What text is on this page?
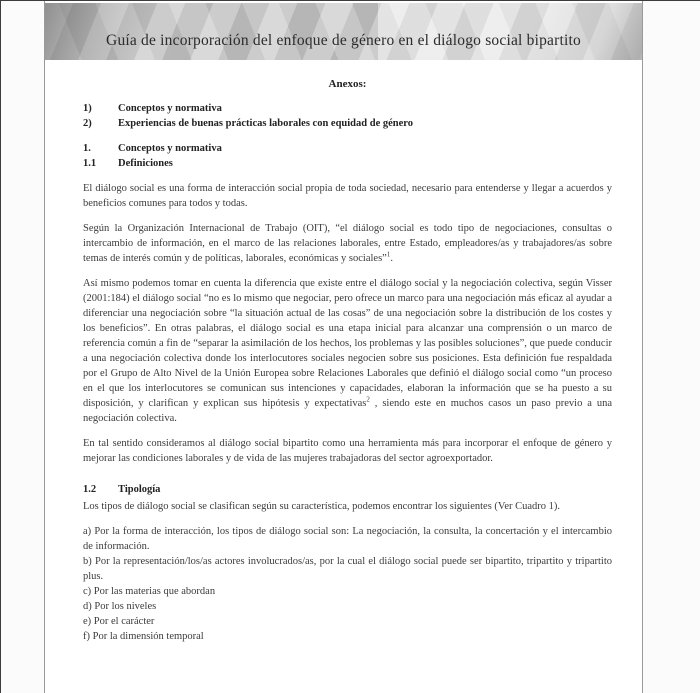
Guía de incorporación del enfoque de género en el diálogo social bipartito
Anexos:
1)	Conceptos y normativa
2)	Experiencias de buenas prácticas laborales con equidad de género
1.	Conceptos y normativa
1.1	Definiciones
El diálogo social es una forma de interacción social propia de toda sociedad, necesario para entenderse y llegar a acuerdos y beneficios comunes para todos y todas.
Según la Organización Internacional de Trabajo (OIT), “el diálogo social es todo tipo de negociaciones, consultas o intercambio de información, en el marco de las relaciones laborales, entre Estado, empleadores/as y trabajadores/as sobre temas de interés común y de políticas, laborales, económicas y sociales”$^1$.
Así mismo podemos tomar en cuenta la diferencia que existe entre el diálogo social y la negociación colectiva, según Visser (2001:184) el diálogo social “no es lo mismo que negociar, pero ofrece un marco para una negociación más eficaz al ayudar a diferenciar una negociación sobre “la situación actual de las cosas” de una negociación sobre la distribución de los costes y los beneficios”. En otras palabras, el diálogo social es una etapa inicial para alcanzar una comprensión o un marco de referencia común a fin de “separar la asimilación de los hechos, los problemas y las posibles soluciones”, que puede conducir a una negociación colectiva donde los interlocutores sociales negocien sobre sus posiciones. Esta definición fue respaldada por el Grupo de Alto Nivel de la Unión Europea sobre Relaciones Laborales que definió el diálogo social como “un proceso en el que los interlocutores se comunican sus intenciones y capacidades, elaboran la información que se ha puesto a su disposición, y clarifican y explican sus hipótesis y expectativas$^2$ , siendo este en muchos casos un paso previo a una negociación colectiva.
En tal sentido consideramos al diálogo social bipartito como una herramienta más para incorporar el enfoque de género y mejorar las condiciones laborales y de vida de las mujeres trabajadoras del sector agroexportador.
1.2	Tipología
Los tipos de diálogo social se clasifican según su característica, podemos encontrar los siguientes (Ver Cuadro 1).
a) Por la forma de interacción, los tipos de diálogo social son: La negociación, la consulta, la concertación y el intercambio de información.
b) Por la representación/los/as actores involucrados/as, por la cual el diálogo social puede ser bipartito, tripartito y tripartito plus.
c) Por las materias que abordan
d) Por los niveles
e) Por el carácter
f) Por la dimensión temporal
